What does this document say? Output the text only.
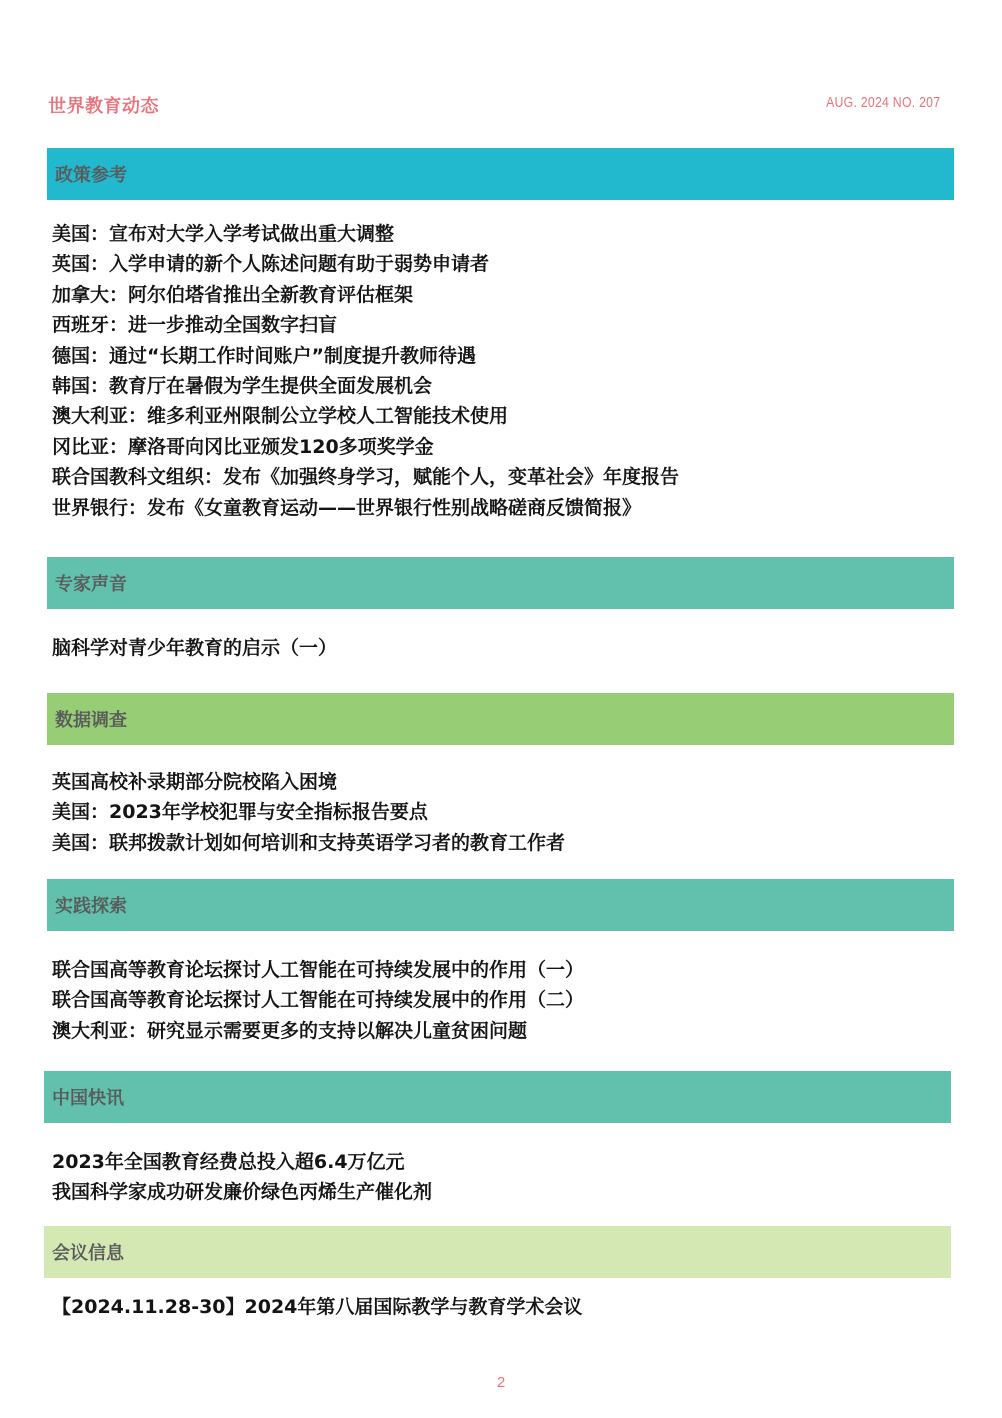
世界教育动态	AUG. 2024 NO. 207
政策参考
美国：宣布对大学入学考试做出重大调整
英国：入学申请的新个人陈述问题有助于弱势申请者
加拿大：阿尔伯塔省推出全新教育评估框架
西班牙：进一步推动全国数字扫盲
德国：通过“长期工作时间账户”制度提升教师待遇
韩国：教育厅在暑假为学生提供全面发展机会
澳大利亚：维多利亚州限制公立学校人工智能技术使用
冈比亚：摩洛哥向冈比亚颁发120多项奖学金
联合国教科文组织：发布《加强终身学习，赋能个人，变革社会》年度报告
世界银行：发布《女童教育运动——世界银行性别战略磋商反馈简报》
专家声音
脑科学对青少年教育的启示（一）
数据调查
英国高校补录期部分院校陷入困境
美国：2023年学校犯罪与安全指标报告要点
美国：联邦拨款计划如何培训和支持英语学习者的教育工作者
实践探索
联合国高等教育论坛探讨人工智能在可持续发展中的作用（一）
联合国高等教育论坛探讨人工智能在可持续发展中的作用（二）
澳大利亚：研究显示需要更多的支持以解决儿童贫困问题
中国快讯
2023年全国教育经费总投入超6.4万亿元
我国科学家成功研发廉价绿色丙烯生产催化剂
会议信息
【2024.11.28-30】2024年第八届国际教学与教育学术会议
2
